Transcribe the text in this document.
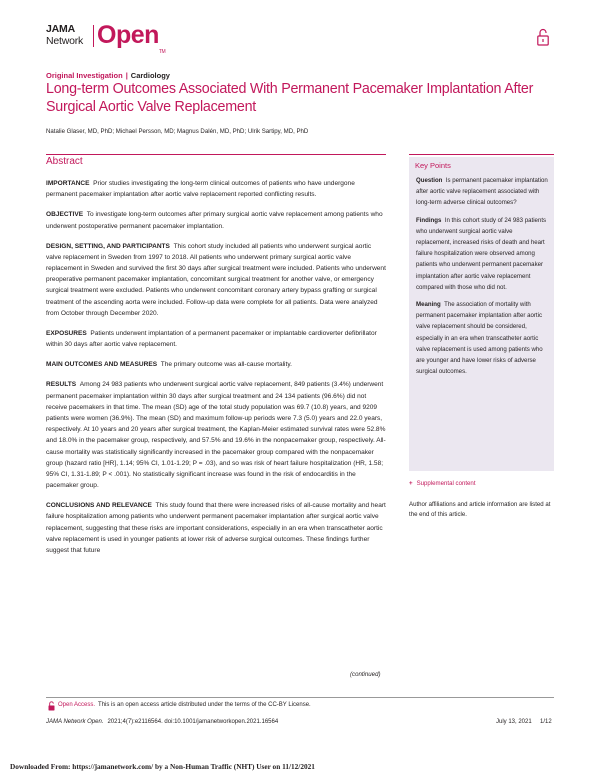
JAMA
Network Open™
Original Investigation | Cardiology
Long-term Outcomes Associated With Permanent Pacemaker Implantation After Surgical Aortic Valve Replacement
Natalie Glaser, MD, PhD; Michael Persson, MD; Magnus Dalén, MD, PhD; Ulrik Sartipy, MD, PhD
Abstract

IMPORTANCE Prior studies investigating the long-term clinical outcomes of patients who have undergone permanent pacemaker implantation after aortic valve replacement reported conflicting results.

OBJECTIVE To investigate long-term outcomes after primary surgical aortic valve replacement among patients who underwent postoperative permanent pacemaker implantation.

DESIGN, SETTING, AND PARTICIPANTS This cohort study included all patients who underwent surgical aortic valve replacement in Sweden from 1997 to 2018. All patients who underwent primary surgical aortic valve replacement in Sweden and survived the first 30 days after surgical treatment were included. Patients who underwent preoperative permanent pacemaker implantation, concomitant surgical treatment for another valve, or emergency surgical treatment were excluded. Patients who underwent concomitant coronary artery bypass grafting or surgical treatment of the ascending aorta were included. Follow-up data were complete for all patients. Data were analyzed from October through December 2020.

EXPOSURES Patients underwent implantation of a permanent pacemaker or implantable cardioverter defibrillator within 30 days after aortic valve replacement.

MAIN OUTCOMES AND MEASURES The primary outcome was all-cause mortality.

RESULTS Among 24 983 patients who underwent surgical aortic valve replacement, 849 patients (3.4%) underwent permanent pacemaker implantation within 30 days after surgical treatment and 24 134 patients (96.6%) did not receive pacemakers in that time. The mean (SD) age of the total study population was 69.7 (10.8) years, and 9209 patients were women (36.9%). The mean (SD) and maximum follow-up periods were 7.3 (5.0) years and 22.0 years, respectively. At 10 years and 20 years after surgical treatment, the Kaplan-Meier estimated survival rates were 52.8% and 18.0% in the pacemaker group, respectively, and 57.5% and 19.6% in the nonpacemaker group, respectively. All-cause mortality was statistically significantly increased in the pacemaker group compared with the nonpacemaker group (hazard ratio [HR], 1.14; 95% CI, 1.01-1.29; P = .03), and so was risk of heart failure hospitalization (HR, 1.58; 95% CI, 1.31-1.89; P < .001). No statistically significant increase was found in the risk of endocarditis in the pacemaker group.

CONCLUSIONS AND RELEVANCE This study found that there were increased risks of all-cause mortality and heart failure hospitalization among patients who underwent permanent pacemaker implantation after surgical aortic valve replacement, suggesting that these risks are important considerations, especially in an era when transcatheter aortic valve replacement is used in younger patients at lower risk of adverse surgical outcomes. These findings further suggest that future

(continued)
Key Points

Question Is permanent pacemaker implantation after aortic valve replacement associated with long-term adverse clinical outcomes?

Findings In this cohort study of 24 983 patients who underwent surgical aortic valve replacement, increased risks of death and heart failure hospitalization were observed among patients who underwent permanent pacemaker implantation after aortic valve replacement compared with those who did not.

Meaning The association of mortality with permanent pacemaker implantation after aortic valve replacement should be considered, especially in an era when transcatheter aortic valve replacement is used among patients who are younger and have lower risks of adverse surgical outcomes.

+ Supplemental content
Author affiliations and article information are listed at the end of this article.
Open Access. This is an open access article distributed under the terms of the CC-BY License.
JAMA Network Open. 2021;4(7):e2116564. doi:10.1001/jamanetworkopen.2021.16564	July 13, 2021 1/12
Downloaded From: https://jamanetwork.com/ by a Non-Human Traffic (NHT) User on 11/12/2021
